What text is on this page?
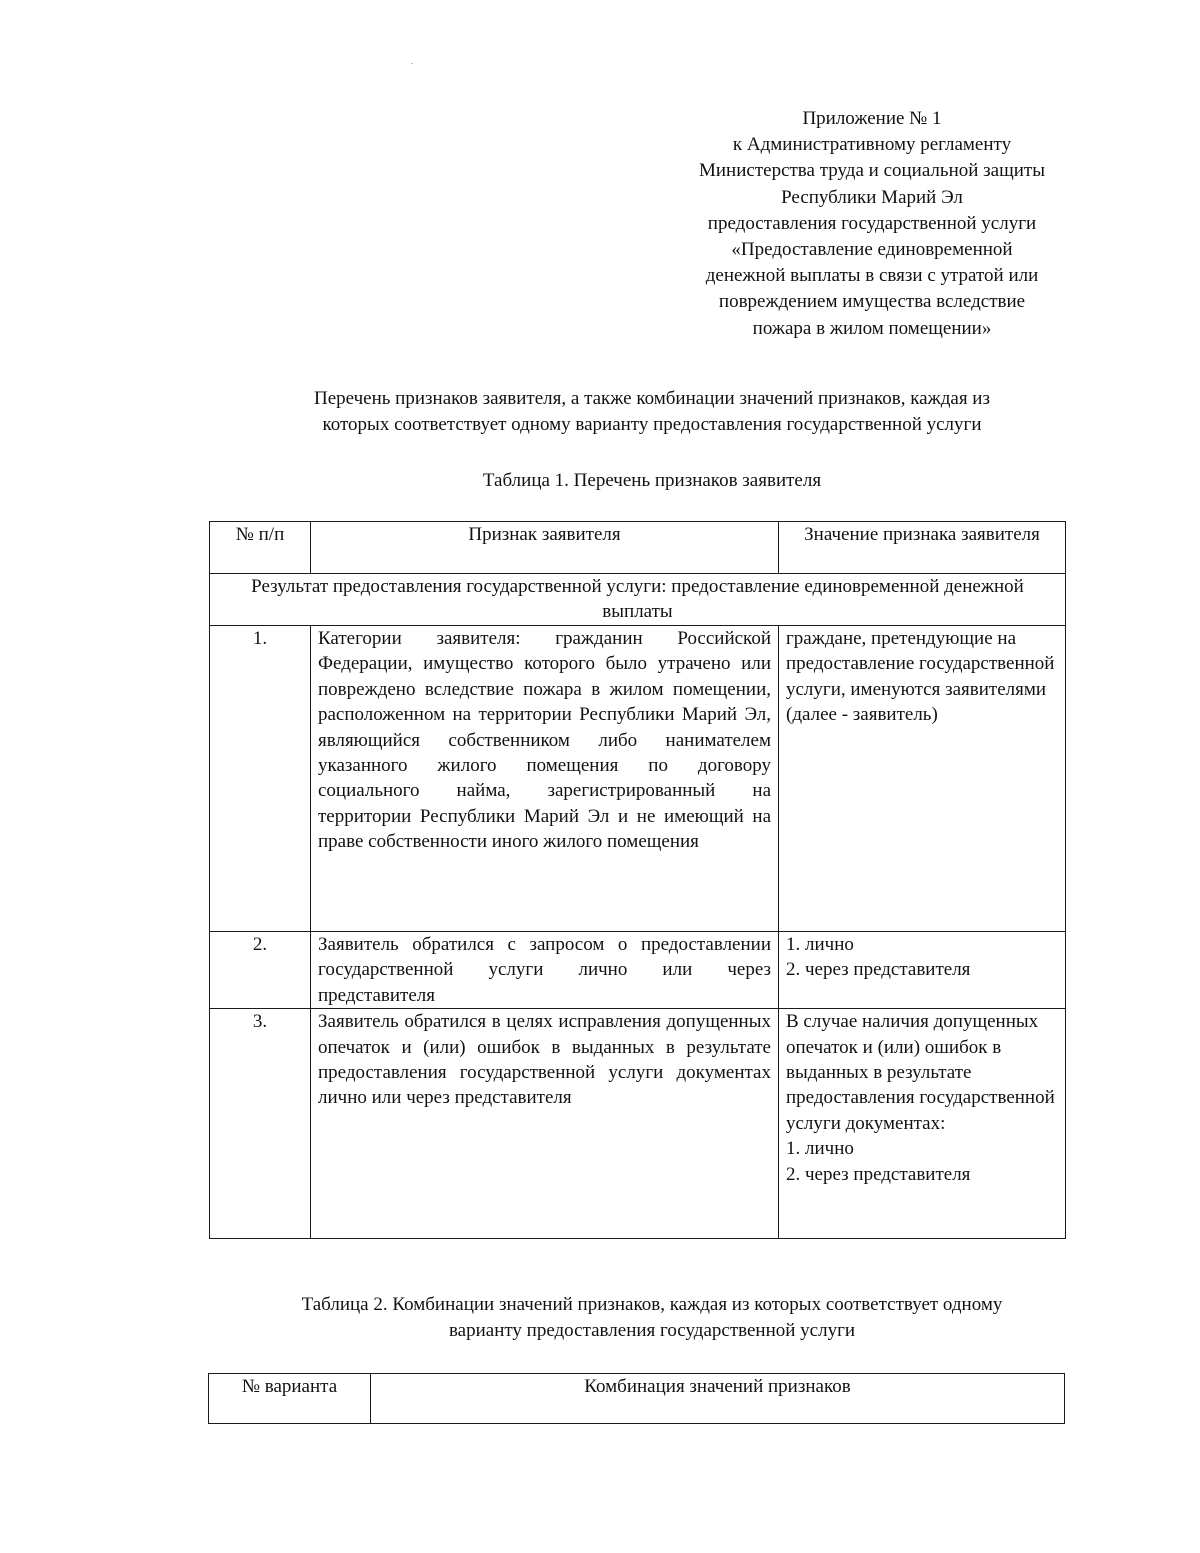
Приложение № 1
к Административному регламенту
Министерства труда и социальной защиты
Республики Марий Эл
предоставления государственной услуги
«Предоставление единовременной
денежной выплаты в связи с утратой или
повреждением имущества вследствие
пожара в жилом помещении»
Перечень признаков заявителя, а также комбинации значений признаков, каждая из
которых соответствует одному варианту предоставления государственной услуги
Таблица 1. Перечень признаков заявителя
№ п/п	Признак заявителя	Значение признака заявителя
Результат предоставления государственной услуги: предоставление единовременной денежной выплаты		
1.	Категории заявителя: гражданин Российской Федерации, имущество которого было утрачено или повреждено вследствие пожара в жилом помещении, расположенном на территории Республики Марий Эл, являющийся собственником либо нанимателем указанного жилого помещения по договору социального найма, зарегистрированный на территории Республики Марий Эл и не имеющий на праве собственности иного жилого помещения	граждане, претендующие на предоставление государственной услуги, именуются заявителями (далее - заявитель)
2.	Заявитель обратился с запросом о предоставлении государственной услуги лично или через представителя	1. лично
2. через представителя

3.	Заявитель обратился в целях исправления допущенных опечаток и (или) ошибок в выданных в результате предоставления государственной услуги документах лично или через представителя	В случае наличия допущенных опечаток и (или) ошибок в выданных в результате предоставления государственной услуги документах:
1. лично
2. через представителя
Таблица 2. Комбинации значений признаков, каждая из которых соответствует одному
варианту предоставления государственной услуги
№ варианта	Комбинация значений признаков
